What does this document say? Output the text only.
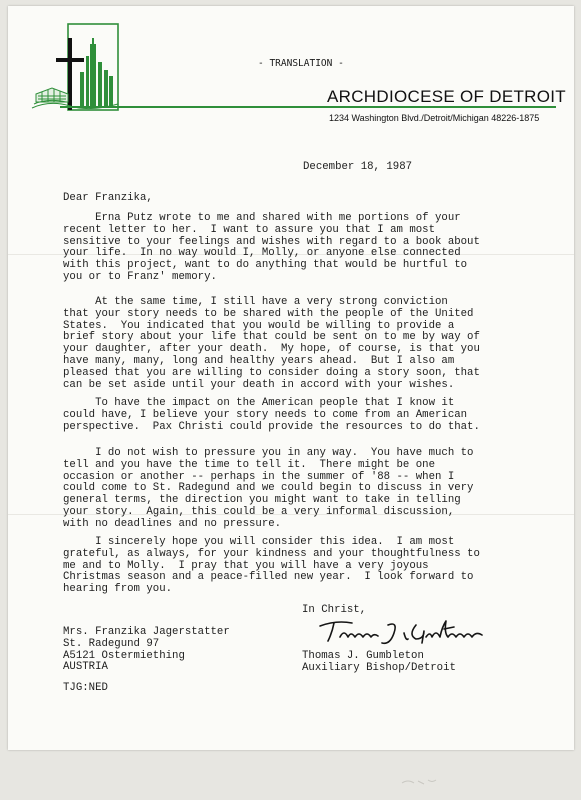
- TRANSLATION -
ARCHDIOCESE OF DETROIT
1234 Washington Blvd./Detroit/Michigan 48226-1875
December 18, 1987
Dear Franzika,
Erna Putz wrote to me and shared with me portions of your
recent letter to her.  I want to assure you that I am most
sensitive to your feelings and wishes with regard to a book about
your life.  In no way would I, Molly, or anyone else connected
with this project, want to do anything that would be hurtful to
you or to Franz' memory.
At the same time, I still have a very strong conviction
that your story needs to be shared with the people of the United
States.  You indicated that you would be willing to provide a
brief story about your life that could be sent on to me by way of
your daughter, after your death.  My hope, of course, is that you
have many, many, long and healthy years ahead.  But I also am
pleased that you are willing to consider doing a story soon, that
can be set aside until your death in accord with your wishes.
To have the impact on the American people that I know it
could have, I believe your story needs to come from an American
perspective.  Pax Christi could provide the resources to do that.
I do not wish to pressure you in any way.  You have much to
tell and you have the time to tell it.  There might be one
occasion or another -- perhaps in the summer of '88 -- when I
could come to St. Radegund and we could begin to discuss in very
general terms, the direction you might want to take in telling
your story.  Again, this could be a very informal discussion,
with no deadlines and no pressure.
I sincerely hope you will consider this idea.  I am most
grateful, as always, for your kindness and your thoughtfulness to
me and to Molly.  I pray that you will have a very joyous
Christmas season and a peace-filled new year.  I look forward to
hearing from you.
In Christ,
Mrs. Franzika Jagerstatter
St. Radegund 97
A5121 Ostermiething
AUSTRIA
Thomas J. Gumbleton
Auxiliary Bishop/Detroit
TJG:NED
